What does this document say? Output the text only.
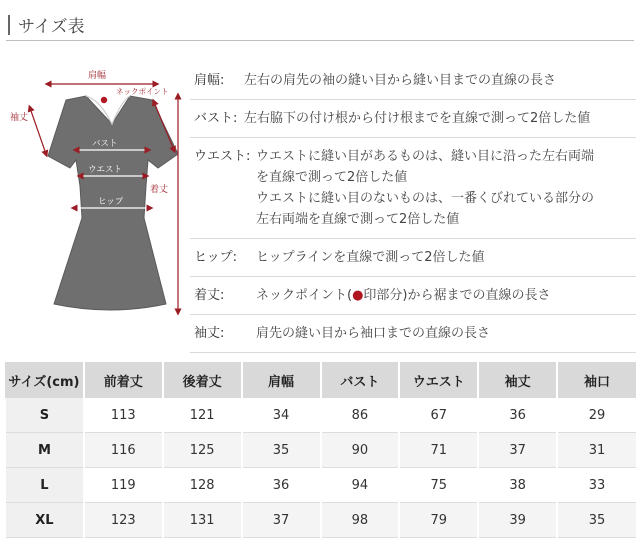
サイズ表
肩幅
ネックポイント
袖丈
バスト
ウエスト
ヒップ
着丈
肩幅: 左右の肩先の袖の縫い目から縫い目までの直線の長さ
バスト: 左右脇下の付け根から付け根までを直線で測って2倍した値
ウエスト: ウエストに縫い目があるものは、縫い目に沿った左右両端
を直線で測って2倍した値
ウエストに縫い目のないものは、一番くびれている部分の
左右両端を直線で測って2倍した値
ヒップ: ヒップラインを直線で測って2倍した値
着丈: ネックポイント(●印部分)から裾までの直線の長さ
袖丈: 肩先の縫い目から袖口までの直線の長さ
サイズ(cm)	前着丈	後着丈	肩幅	バスト	ウエスト	袖丈	袖口
S	113	121	34	86	67	36	29
M	116	125	35	90	71	37	31
L	119	128	36	94	75	38	33
XL	123	131	37	98	79	39	35
